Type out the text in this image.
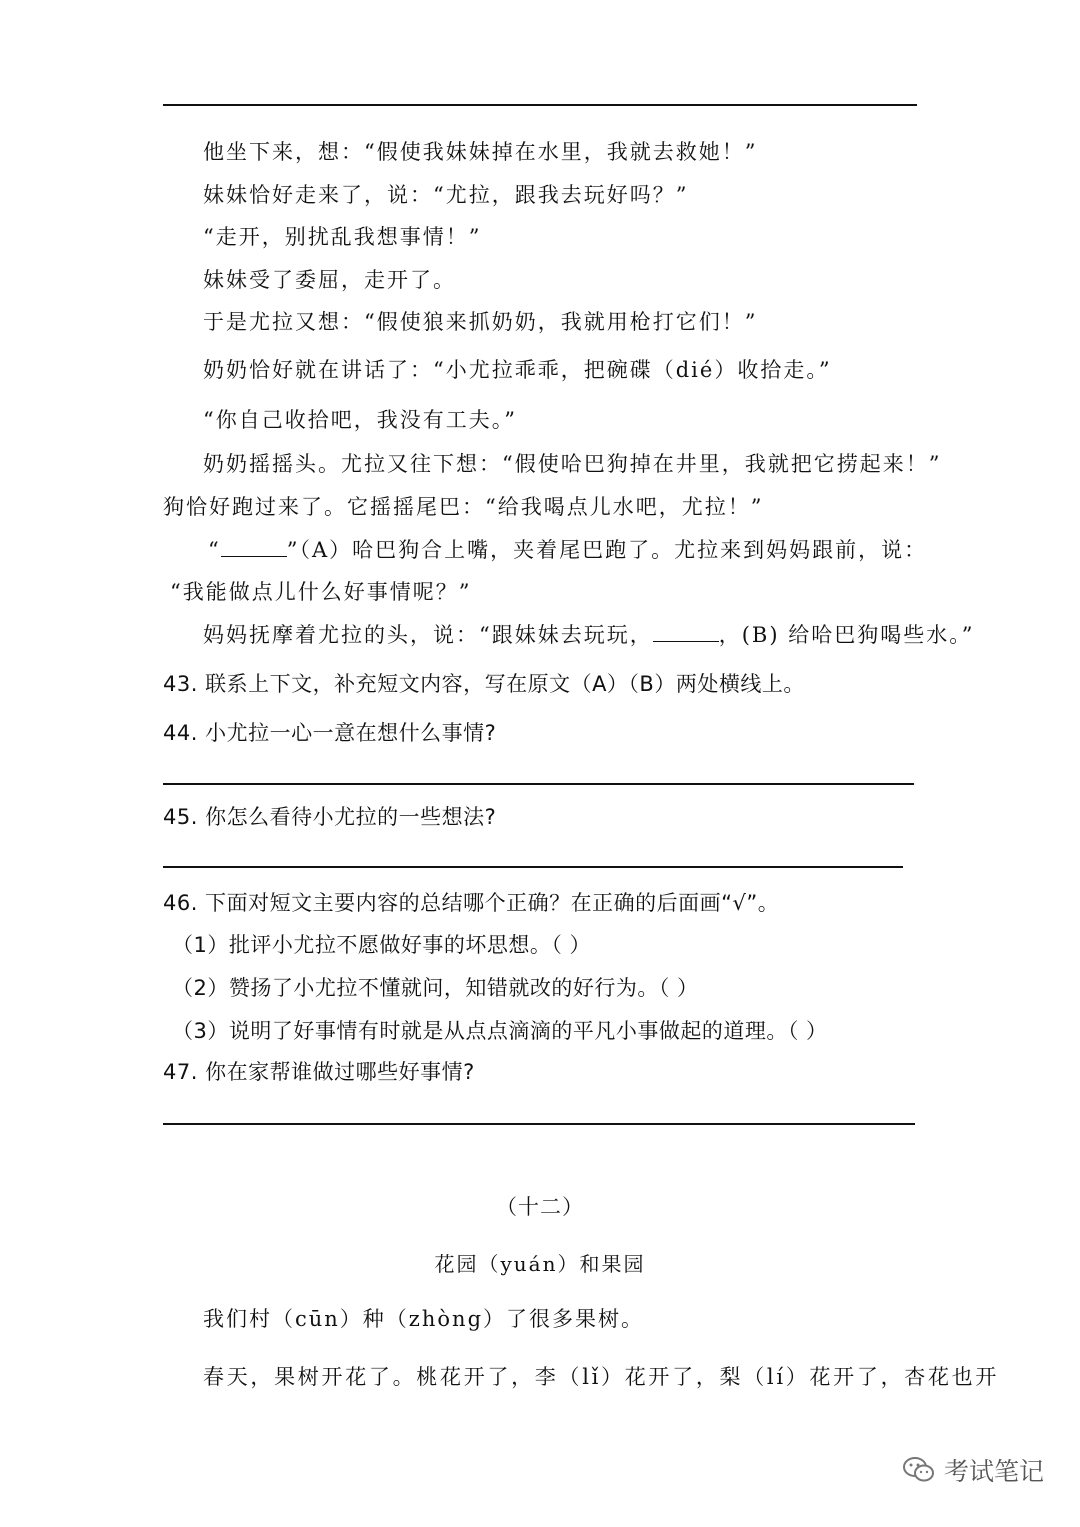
他坐下来，想：“假使我妹妹掉在水里，我就去救她！”
妹妹恰好走来了，说：“尤拉，跟我去玩好吗？”
“走开，别扰乱我想事情！”
妹妹受了委屈，走开了。
于是尤拉又想：“假使狼来抓奶奶，我就用枪打它们！”
奶奶恰好就在讲话了：“小尤拉乖乖，把碗碟（dié）收拾走。”
“你自己收拾吧，我没有工夫。”
奶奶摇摇头。尤拉又往下想：“假使哈巴狗掉在井里，我就把它捞起来！”
狗恰好跑过来了。它摇摇尾巴：“给我喝点儿水吧，尤拉！”
“	”（A）哈巴狗合上嘴，夹着尾巴跑了。尤拉来到妈妈跟前，说：
“我能做点儿什么好事情呢？”
妈妈抚摩着尤拉的头，说：“跟妹妹去玩玩，	，(B) 给哈巴狗喝些水。”
43. 联系上下文，补充短文内容，写在原文（A）（B）两处横线上。
44. 小尤拉一心一意在想什么事情?
45. 你怎么看待小尤拉的一些想法?
46. 下面对短文主要内容的总结哪个正确？在正确的后面画“√”。
（1）批评小尤拉不愿做好事的坏思想。（ ）
（2）赞扬了小尤拉不懂就问，知错就改的好行为。（ ）
（3）说明了好事情有时就是从点点滴滴的平凡小事做起的道理。（ ）
47. 你在家帮谁做过哪些好事情?
（十二）
花园（yuán）和果园
我们村（cūn）种（zhòng）了很多果树。
春天，果树开花了。桃花开了，李（lǐ）花开了，梨（lí）花开了，杏花也开
考试笔记
